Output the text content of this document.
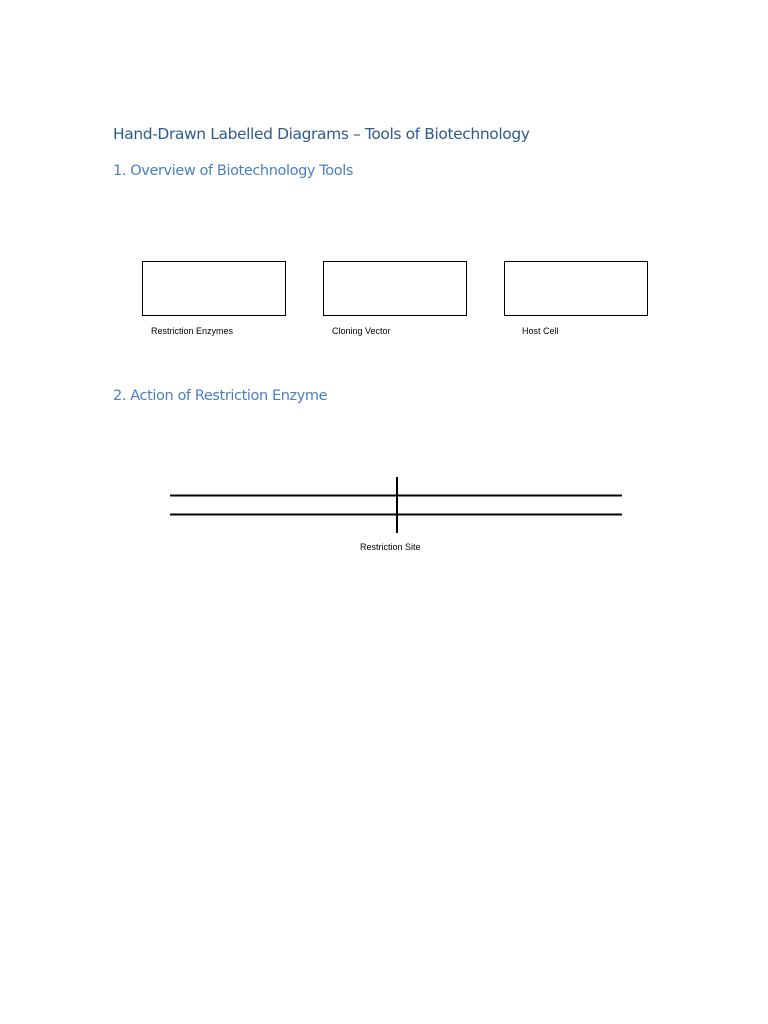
Hand-Drawn Labelled Diagrams – Tools of Biotechnology
1. Overview of Biotechnology Tools
Restriction Enzymes	Cloning Vector	Host Cell
2. Action of Restriction Enzyme
Restriction Site
